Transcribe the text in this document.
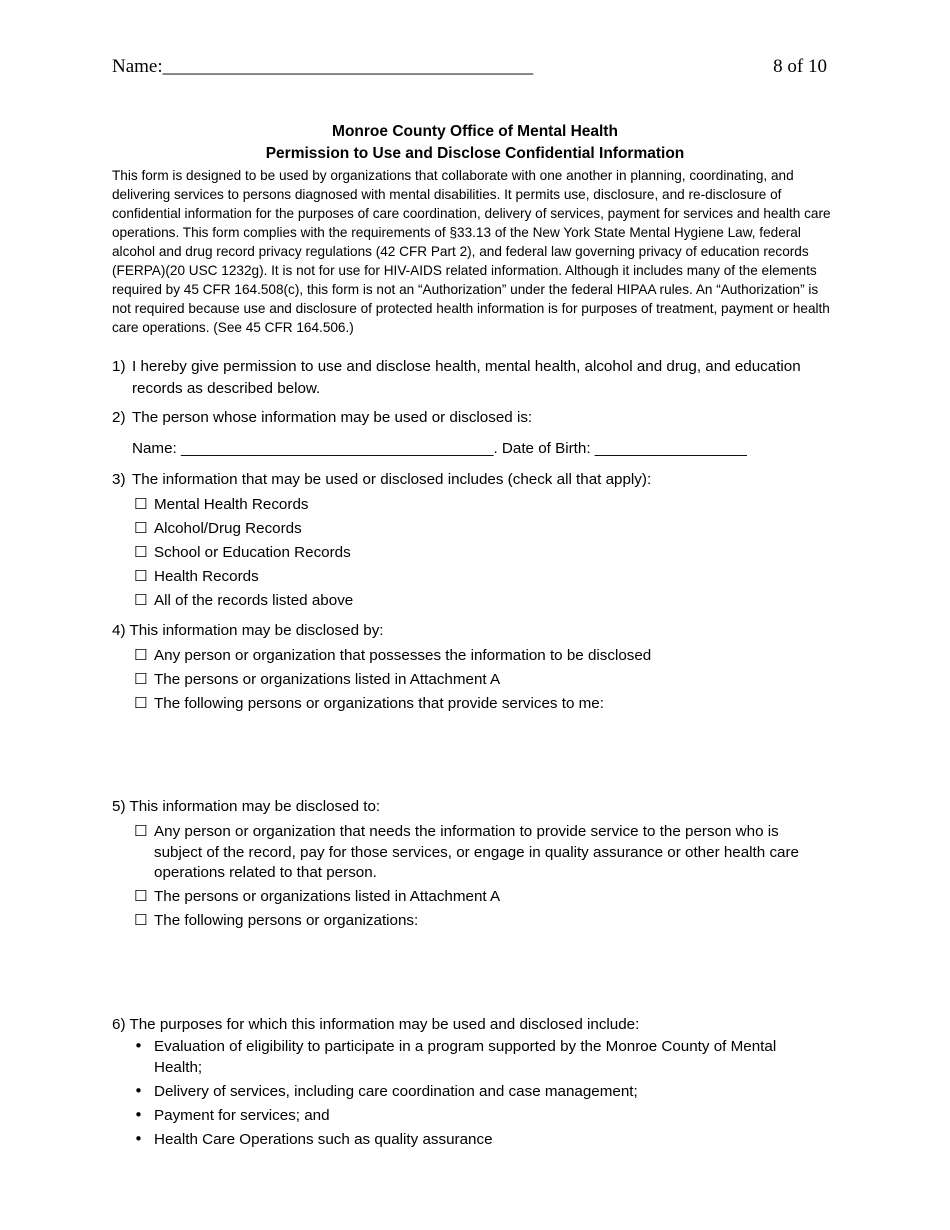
Name:_______________________________________	8 of 10
Monroe County Office of Mental Health
Permission to Use and Disclose Confidential Information

This form is designed to be used by organizations that collaborate with one another in planning, coordinating, and delivering services to persons diagnosed with mental disabilities. It permits use, disclosure, and re-disclosure of confidential information for the purposes of care coordination, delivery of services, payment for services and health care operations. This form complies with the requirements of §33.13 of the New York State Mental Hygiene Law, federal alcohol and drug record privacy regulations (42 CFR Part 2), and federal law governing privacy of education records (FERPA)(20 USC 1232g). It is not for use for HIV-AIDS related information. Although it includes many of the elements required by 45 CFR 164.508(c), this form is not an “Authorization” under the federal HIPAA rules. An “Authorization” is not required because use and disclosure of protected health information is for purposes of treatment, payment or health care operations. (See 45 CFR 164.506.)

1) I hereby give permission to use and disclose health, mental health, alcohol and drug, and education
records as described below.
2) The person whose information may be used or disclosed is:
Name: _____________________________________. Date of Birth: __________________
3) The information that may be used or disclosed includes (check all that apply):
☐ Mental Health Records
☐ Alcohol/Drug Records
☐ School or Education Records
☐ Health Records
☐ All of the records listed above
4) This information may be disclosed by:
☐ Any person or organization that possesses the information to be disclosed
☐ The persons or organizations listed in Attachment A
☐ The following persons or organizations that provide services to me:
5) This information may be disclosed to:
☐ Any person or organization that needs the information to provide service to the person who is
subject of the record, pay for those services, or engage in quality assurance or other health care
operations related to that person.
☐ The persons or organizations listed in Attachment A
☐ The following persons or organizations:
6) The purposes for which this information may be used and disclosed include:
• Evaluation of eligibility to participate in a program supported by the Monroe County of Mental
Health;
• Delivery of services, including care coordination and case management;
• Payment for services; and
• Health Care Operations such as quality assurance
